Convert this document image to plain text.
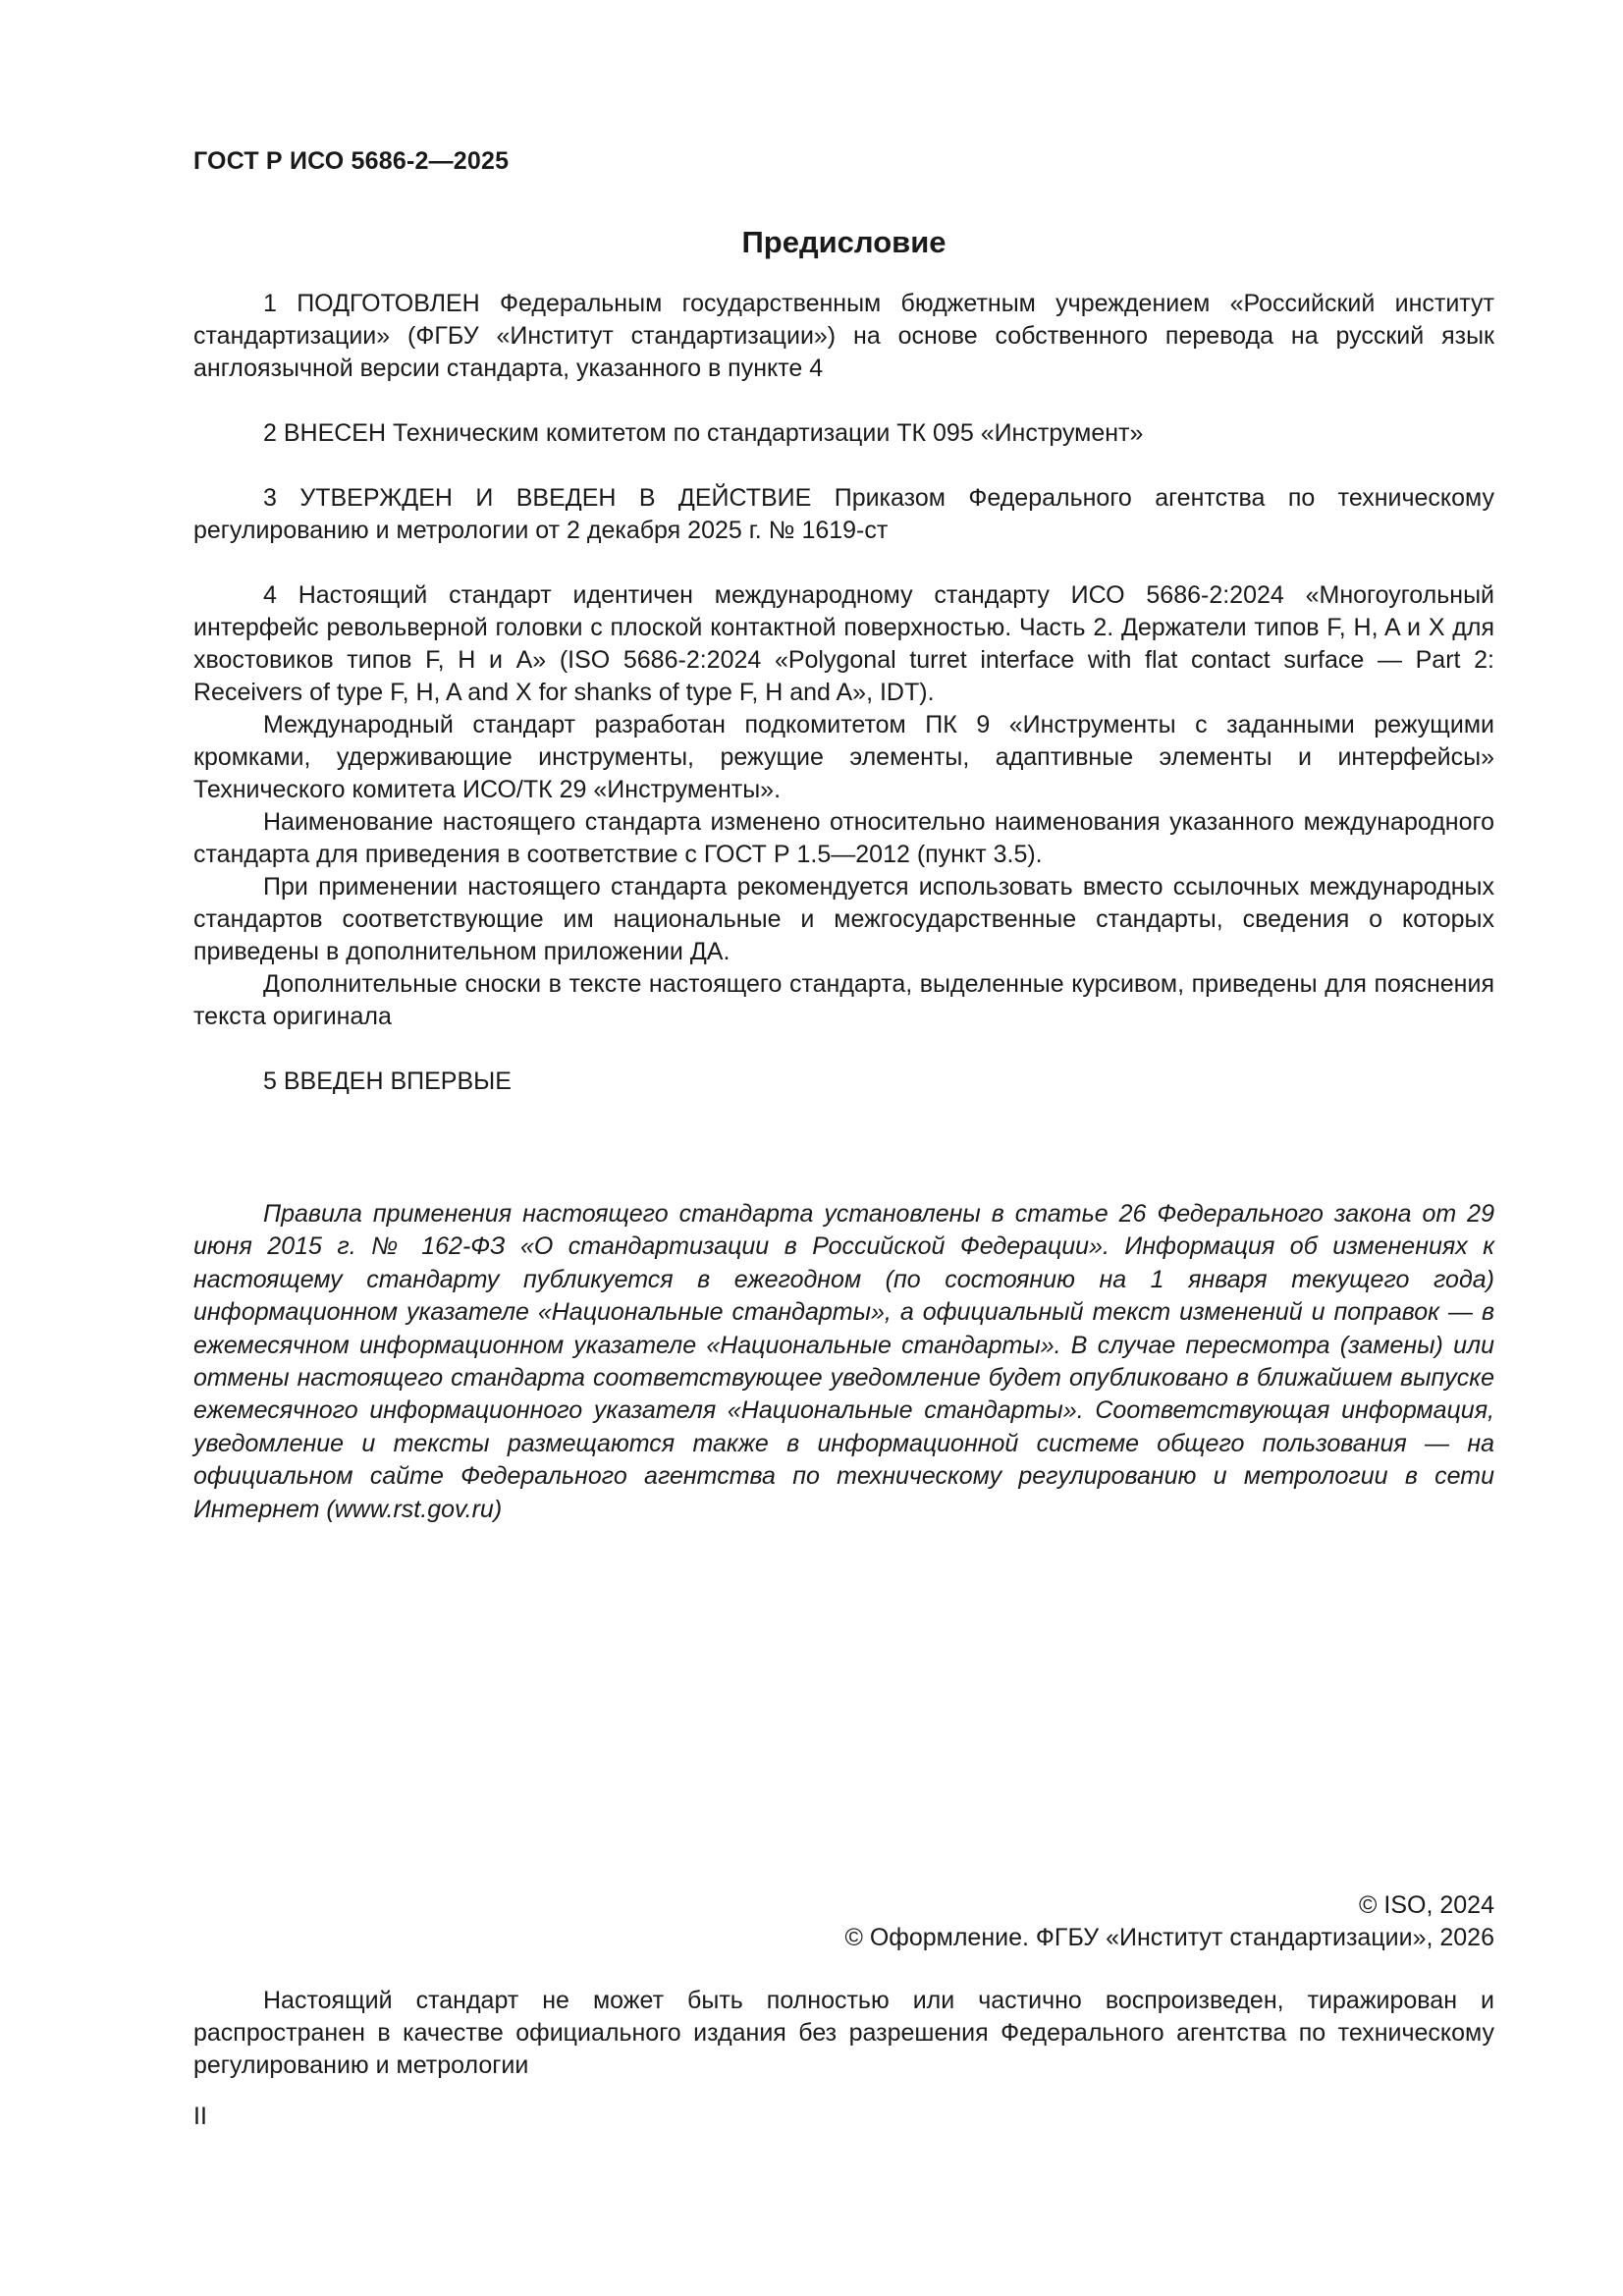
ГОСТ Р ИСО 5686-2—2025
Предисловие

1 ПОДГОТОВЛЕН Федеральным государственным бюджетным учреждением «Российский институт стандартизации» (ФГБУ «Институт стандартизации») на основе собственного перевода на русский язык англоязычной версии стандарта, указанного в пункте 4

2 ВНЕСЕН Техническим комитетом по стандартизации ТК 095 «Инструмент»

3 УТВЕРЖДЕН И ВВЕДЕН В ДЕЙСТВИЕ Приказом Федерального агентства по техническому регулированию и метрологии от 2 декабря 2025 г. № 1619-ст

4 Настоящий стандарт идентичен международному стандарту ИСО 5686-2:2024 «Многоугольный интерфейс револьверной головки с плоской контактной поверхностью. Часть 2. Держатели типов F, H, A и X для хвостовиков типов F, H и A» (ISO 5686-2:2024 «Polygonal turret interface with flat contact surface — Part 2: Receivers of type F, H, A and X for shanks of type F, H and A», IDT).

Международный стандарт разработан подкомитетом ПК 9 «Инструменты с заданными режущими кромками, удерживающие инструменты, режущие элементы, адаптивные элементы и интерфейсы» Технического комитета ИСО/ТК 29 «Инструменты».

Наименование настоящего стандарта изменено относительно наименования указанного международного стандарта для приведения в соответствие с ГОСТ Р 1.5—2012 (пункт 3.5).

При применении настоящего стандарта рекомендуется использовать вместо ссылочных международных стандартов соответствующие им национальные и межгосударственные стандарты, сведения о которых приведены в дополнительном приложении ДА.

Дополнительные сноски в тексте настоящего стандарта, выделенные курсивом, приведены для пояснения текста оригинала

5 ВВЕДЕН ВПЕРВЫЕ

Правила применения настоящего стандарта установлены в статье 26 Федерального закона от 29 июня 2015 г. № 162-ФЗ «О стандартизации в Российской Федерации». Информация об изменениях к настоящему стандарту публикуется в ежегодном (по состоянию на 1 января текущего года) информационном указателе «Национальные стандарты», а официальный текст изменений и поправок — в ежемесячном информационном указателе «Национальные стандарты». В случае пересмотра (замены) или отмены настоящего стандарта соответствующее уведомление будет опубликовано в ближайшем выпуске ежемесячного информационного указателя «Национальные стандарты». Соответствующая информация, уведомление и тексты размещаются также в информационной системе общего пользования — на официальном сайте Федерального агентства по техническому регулированию и метрологии в сети Интернет (www.rst.gov.ru)

© ISO, 2024
© Оформление. ФГБУ «Институт стандартизации», 2026

Настоящий стандарт не может быть полностью или частично воспроизведен, тиражирован и распространен в качестве официального издания без разрешения Федерального агентства по техническому регулированию и метрологии

II
